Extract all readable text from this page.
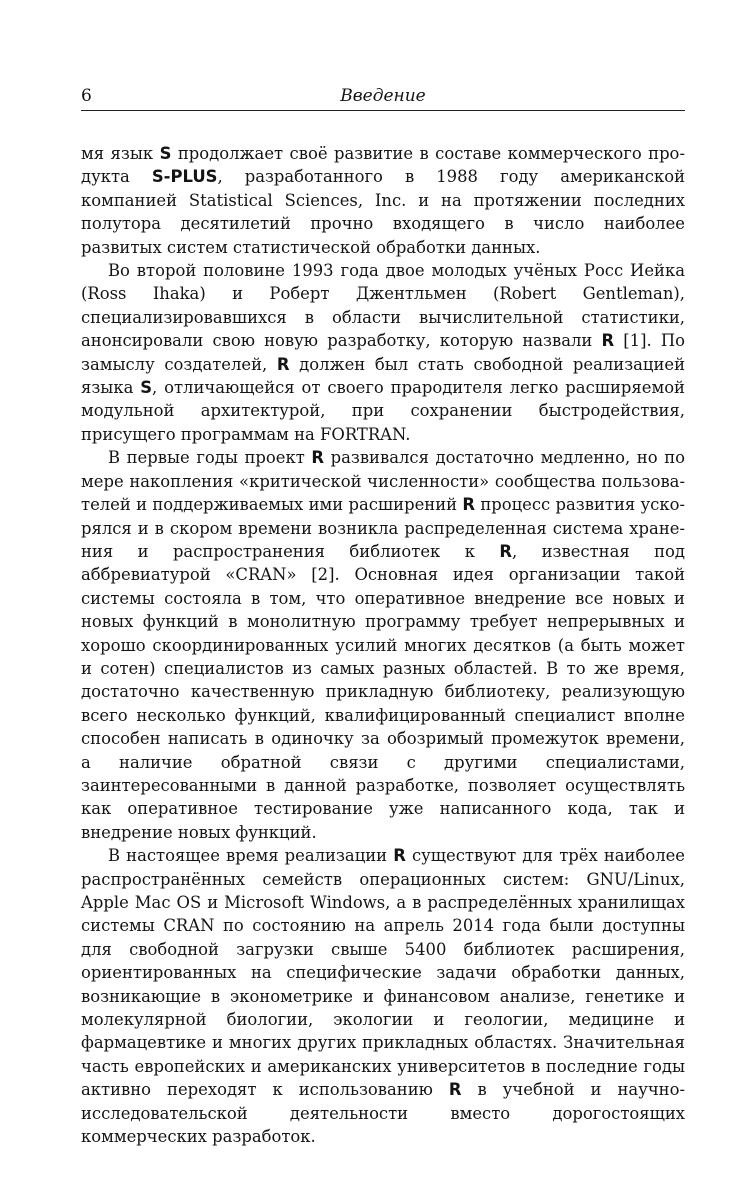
6	Введение

мя язык S продолжает своё развитие в составе коммерческого продукта S-PLUS, разработанного в 1988 году американской компанией Statistical Sciences, Inc. и на протяжении последних полутора десятилетий прочно входящего в число наиболее развитых систем статистической обработки данных.

Во второй половине 1993 года двое молодых учёных Росс Иейка (Ross Ihaka) и Роберт Джентльмен (Robert Gentleman), специализировавшихся в области вычислительной статистики, анонсировали свою новую разработку, которую назвали R [1]. По замыслу создателей, R должен был стать свободной реализацией языка S, отличающейся от своего прародителя легко расширяемой модульной архитектурой, при сохранении быстродействия, присущего программам на FORTRAN.

В первые годы проект R развивался достаточно медленно, но по мере накопления «критической численности» сообщества пользователей и поддерживаемых ими расширений R процесс развития ускорялся и в скором времени возникла распределенная система хранения и распространения библиотек к R, известная под аббревиатурой «CRAN» [2]. Основная идея организации такой системы состояла в том, что оперативное внедрение все новых и новых функций в монолитную программу требует непрерывных и хорошо скоординированных усилий многих десятков (а быть может и сотен) специалистов из самых разных областей. В то же время, достаточно качественную прикладную библиотеку, реализующую всего несколько функций, квалифицированный специалист вполне способен написать в одиночку за обозримый промежуток времени, а наличие обратной связи с другими специалистами, заинтересованными в данной разработке, позволяет осуществлять как оперативное тестирование уже написанного кода, так и внедрение новых функций.

В настоящее время реализации R существуют для трёх наиболее распространённых семейств операционных систем: GNU/Linux, Apple Mac OS и Microsoft Windows, а в распределённых хранилищах системы CRAN по состоянию на апрель 2014 года были доступны для свободной загрузки свыше 5400 библиотек расширения, ориентированных на специфические задачи обработки данных, возникающие в эконометрике и финансовом анализе, генетике и молекулярной биологии, экологии и геологии, медицине и фармацевтике и многих других прикладных областях. Значительная часть европейских и американских университетов в последние годы активно переходят к использованию R в учебной и научно-исследовательской деятельности вместо дорогостоящих коммерческих разработок.
